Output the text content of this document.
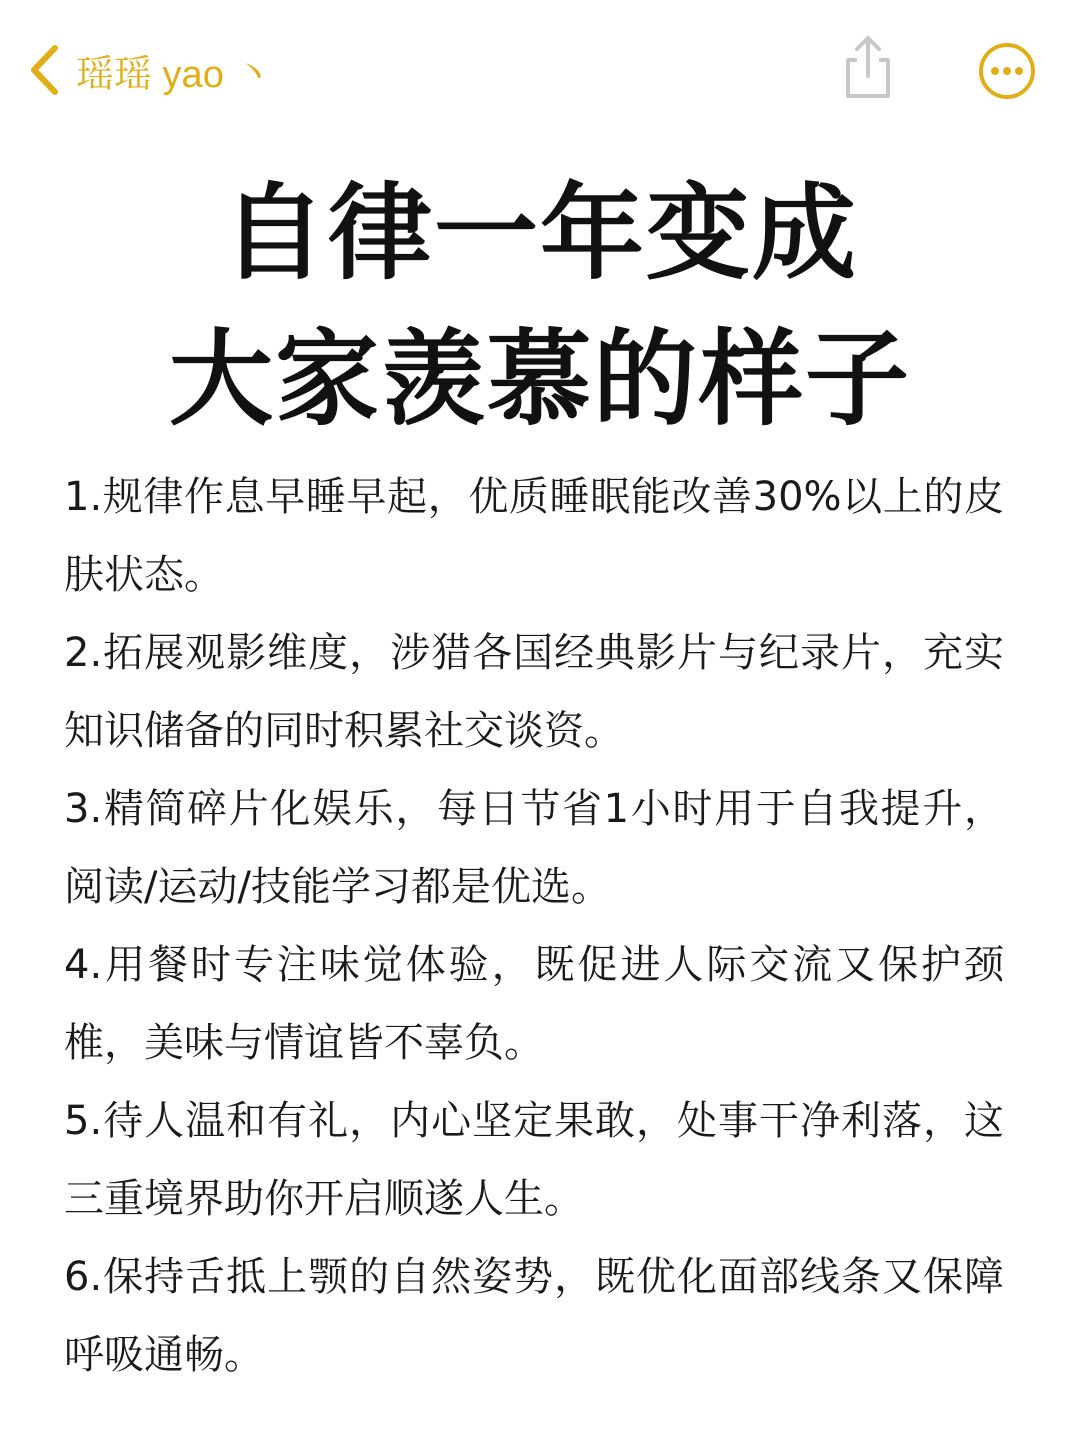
瑶瑶 yao 丶
自律一年变成
大家羡慕的样子

1.规律作息早睡早起，优质睡眠能改善30%以上的皮肤状态。

2.拓展观影维度，涉猎各国经典影片与纪录片，充实知识储备的同时积累社交谈资。

3.精简碎片化娱乐，每日节省1小时用于自我提升，阅读/运动/技能学习都是优选。

4.用餐时专注味觉体验，既促进人际交流又保护颈椎，美味与情谊皆不辜负。

5.待人温和有礼，内心坚定果敢，处事干净利落，这三重境界助你开启顺遂人生。

6.保持舌抵上颚的自然姿势，既优化面部线条又保障呼吸通畅。
